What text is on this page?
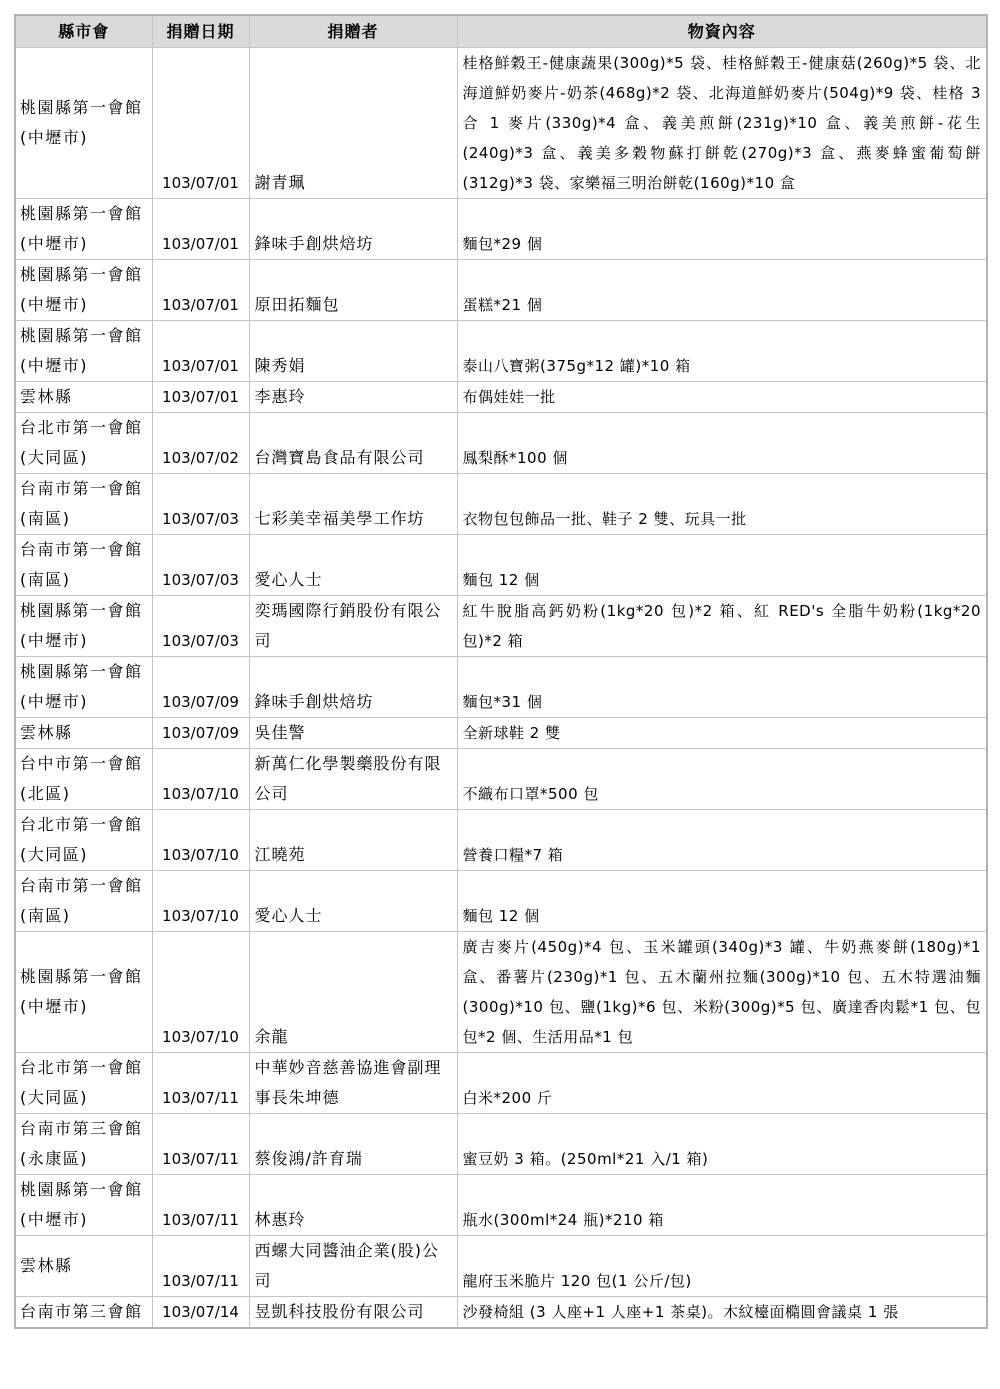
縣市會	捐贈日期	捐贈者	物資內容

桃園縣第一會館
(中壢市)	103/07/01	謝青珮	桂格鮮穀王-健康蔬果(300g)*5 袋、桂格鮮穀王-健康菇(260g)*5 袋、北海道鮮奶麥片-奶茶(468g)*2 袋、北海道鮮奶麥片(504g)*9 袋、桂格 3 合 1 麥片(330g)*4 盒、義美煎餅(231g)*10 盒、義美煎餅-花生(240g)*3 盒、義美多穀物蘇打餅乾(270g)*3 盒、燕麥蜂蜜葡萄餅(312g)*3 袋、家樂福三明治餅乾(160g)*10 盒

桃園縣第一會館
(中壢市)	103/07/01	鋒味手創烘焙坊	麵包*29 個

桃園縣第一會館
(中壢市)	103/07/01	原田拓麵包	蛋糕*21 個

桃園縣第一會館
(中壢市)	103/07/01	陳秀娟	泰山八寶粥(375g*12 罐)*10 箱

雲林縣	103/07/01	李惠玲	布偶娃娃一批

台北市第一會館
(大同區)	103/07/02	台灣寶島食品有限公司	鳳梨酥*100 個

台南市第一會館
(南區)	103/07/03	七彩美幸福美學工作坊	衣物包包飾品一批、鞋子 2 雙、玩具一批

台南市第一會館
(南區)	103/07/03	愛心人士	麵包 12 個

桃園縣第一會館
(中壢市)	103/07/03	奕瑪國際行銷股份有限公司	紅牛脫脂高鈣奶粉(1kg*20 包)*2 箱、紅 RED's 全脂牛奶粉(1kg*20 包)*2 箱

桃園縣第一會館
(中壢市)	103/07/09	鋒味手創烘焙坊	麵包*31 個

雲林縣	103/07/09	吳佳警	全新球鞋 2 雙

台中市第一會館
(北區)	103/07/10	新萬仁化學製藥股份有限公司	不織布口罩*500 包

台北市第一會館
(大同區)	103/07/10	江曉苑	營養口糧*7 箱

台南市第一會館
(南區)	103/07/10	愛心人士	麵包 12 個

桃園縣第一會館
(中壢市)	103/07/10	余龍	廣吉麥片(450g)*4 包、玉米罐頭(340g)*3 罐、牛奶燕麥餅(180g)*1 盒、番薯片(230g)*1 包、五木蘭州拉麵(300g)*10 包、五木特選油麵(300g)*10 包、鹽(1kg)*6 包、米粉(300g)*5 包、廣達香肉鬆*1 包、包包*2 個、生活用品*1 包

台北市第一會館
(大同區)	103/07/11	中華妙音慈善協進會副理事長朱坤德	白米*200 斤

台南市第三會館
(永康區)	103/07/11	蔡俊鴻/許育瑞	蜜豆奶 3 箱。(250ml*21 入/1 箱)

桃園縣第一會館
(中壢市)	103/07/11	林惠玲	瓶水(300ml*24 瓶)*210 箱

雲林縣	103/07/11	西螺大同醬油企業(股)公司	龍府玉米脆片 120 包(1 公斤/包)

台南市第三會館	103/07/14	昱凱科技股份有限公司	沙發椅組 (3 人座+1 人座+1 茶桌)。木紋檯面橢圓會議桌 1 張
